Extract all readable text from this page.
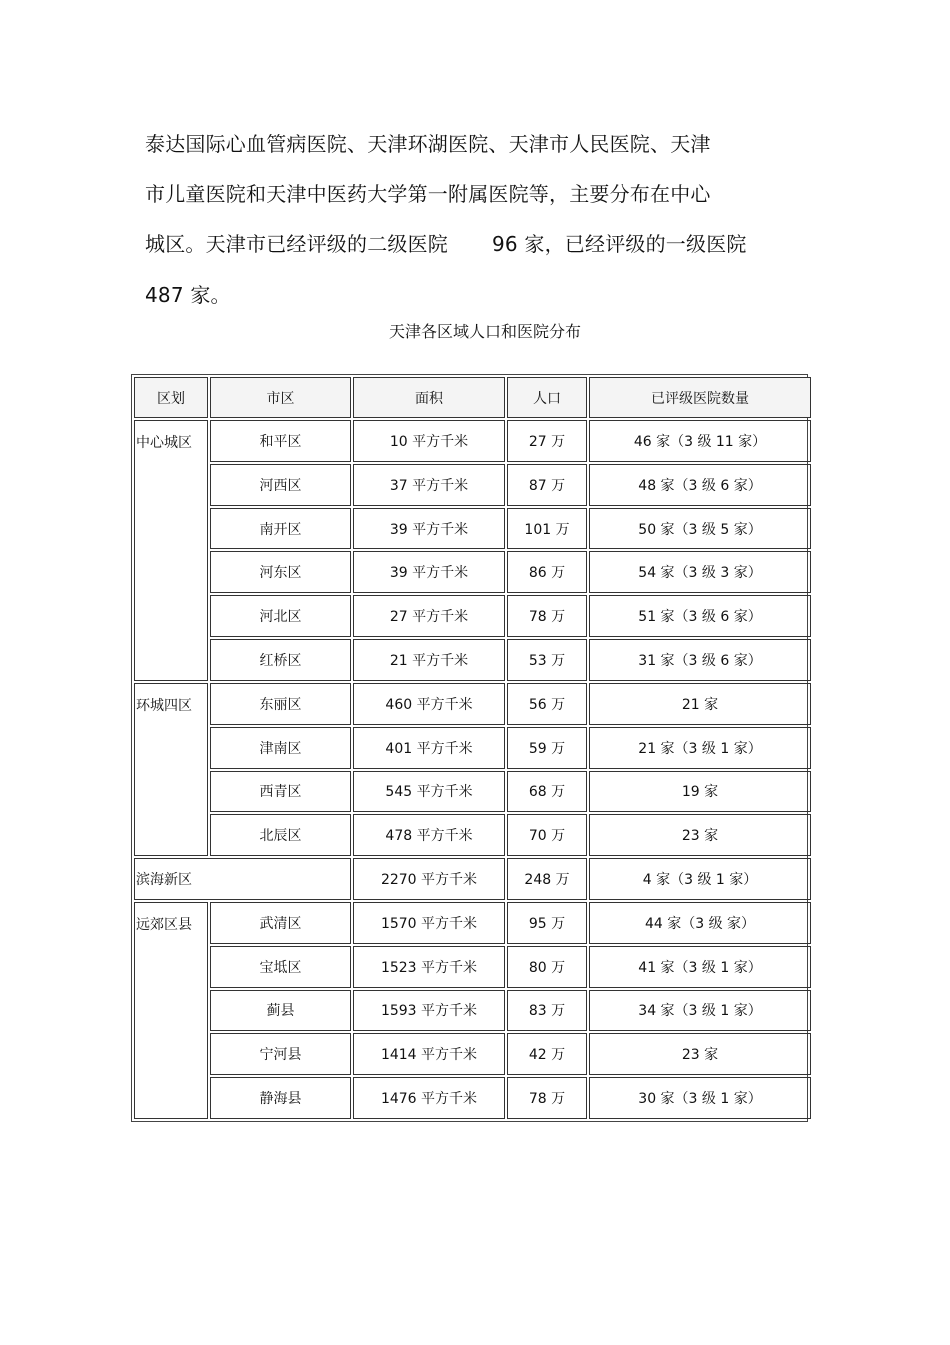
泰达国际心血管病医院、天津环湖医院、天津市人民医院、天津
市儿童医院和天津中医药大学第一附属医院等，主要分布在中心
城区。天津市已经评级的二级医院 96 家，已经评级的一级医院
487 家。
天津各区域人口和医院分布
区划	市区	面积	人口	已评级医院数量
中心城区	和平区	10 平方千米	27 万	46 家（3 级 11 家）
	河西区	37 平方千米	87 万	48 家（3 级 6 家）
	南开区	39 平方千米	101 万	50 家（3 级 5 家）
	河东区	39 平方千米	86 万	54 家（3 级 3 家）
	河北区	27 平方千米	78 万	51 家（3 级 6 家）
	红桥区	21 平方千米	53 万	31 家（3 级 6 家）
环城四区	东丽区	460 平方千米	56 万	21 家
	津南区	401 平方千米	59 万	21 家（3 级 1 家）
	西青区	545 平方千米	68 万	19 家
	北辰区	478 平方千米	70 万	23 家
滨海新区		2270 平方千米	248 万	4 家（3 级 1 家）
远郊区县	武清区	1570 平方千米	95 万	44 家（3 级 家）
	宝坻区	1523 平方千米	80 万	41 家（3 级 1 家）
	蓟县	1593 平方千米	83 万	34 家（3 级 1 家）
	宁河县	1414 平方千米	42 万	23 家
	静海县	1476 平方千米	78 万	30 家（3 级 1 家）
